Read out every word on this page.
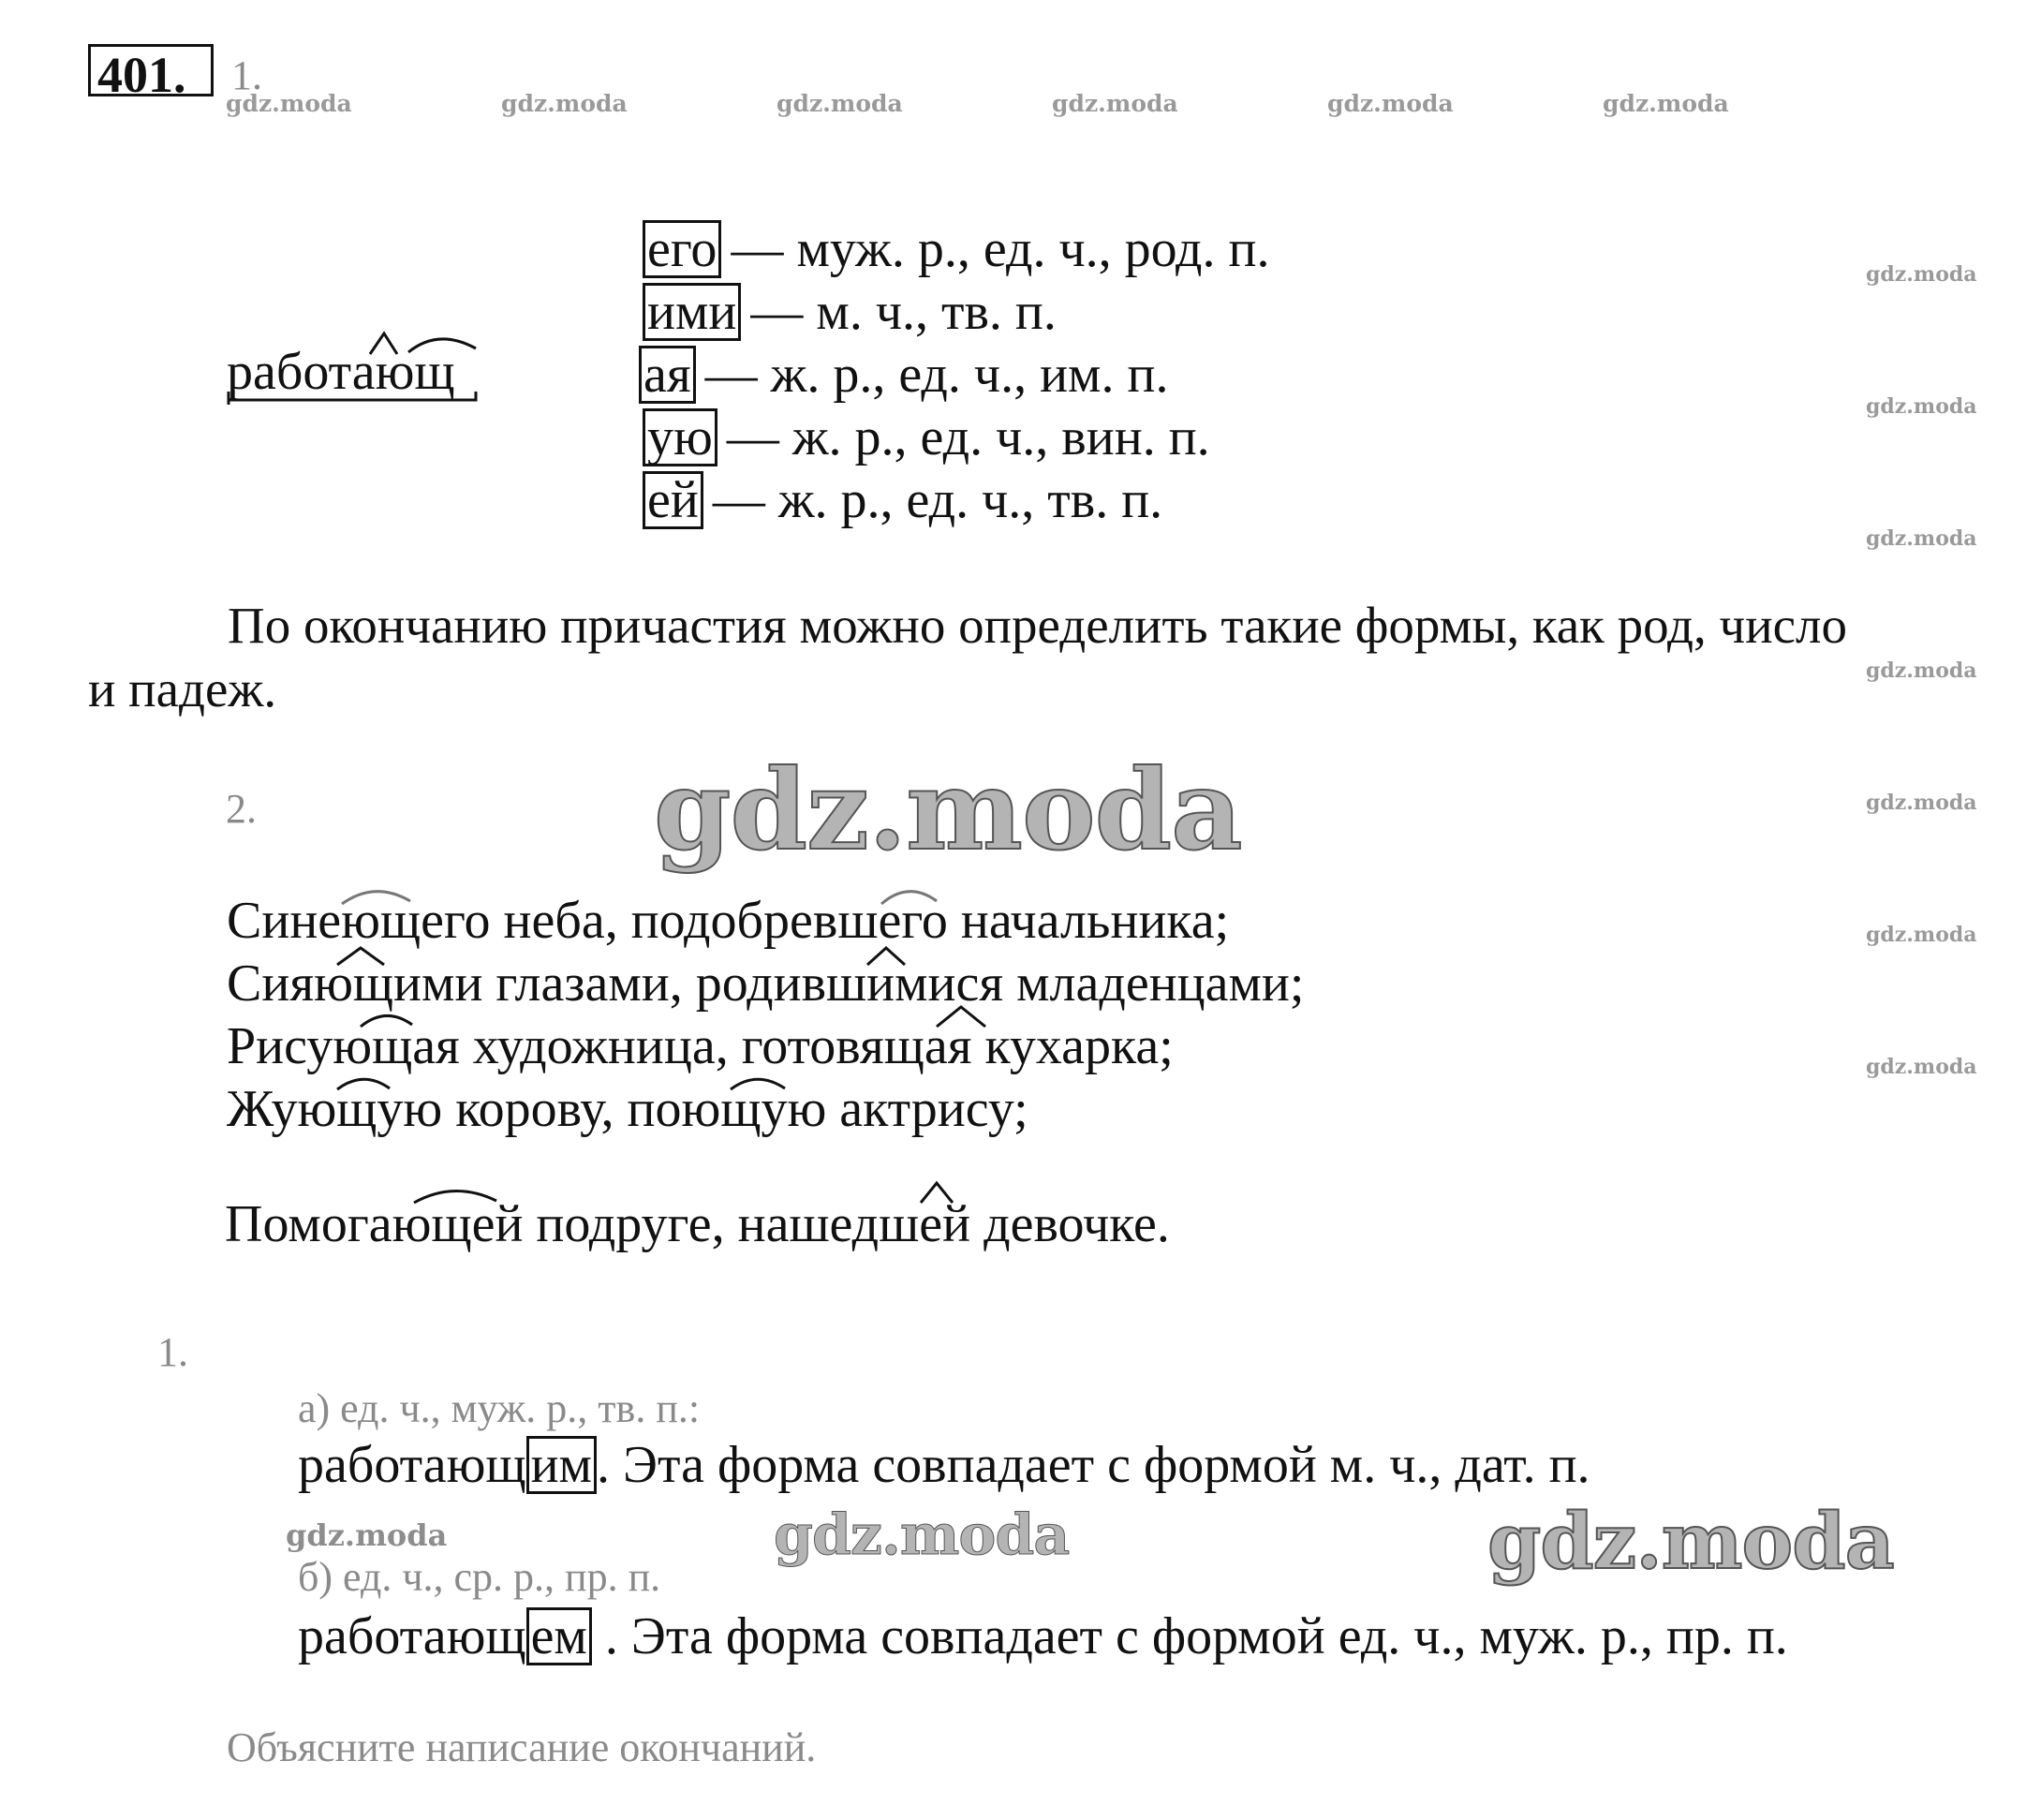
401. 1.
gdz.moda	gdz.moda	gdz.moda	gdz.moda	gdz.moda	gdz.moda
gdz.moda
gdz.moda
gdz.moda
gdz.moda
gdz.moda
gdz.moda
gdz.moda
работающ
его — муж. р., ед. ч., род. п.
ими — м. ч., тв. п.
ая — ж. р., ед. ч., им. п.
ую — ж. р., ед. ч., вин. п.
ей — ж. р., ед. ч., тв. п.
По окончанию причастия можно определить такие формы, как род, число
и падеж.
2.	gdz.moda
Синеющего неба, подобревшего начальника;
Сияющими глазами, родившимися младенцами;
Рисующая художница, готовящая кухарка;
Жующую корову, поющую актрису;
Помогающей подруге, нашедшей девочке.
1.
а) ед. ч., муж. р., тв. п.:
работающим. Эта форма совпадает с формой м. ч., дат. п.
gdz.moda	gdz.moda	gdz.moda
б) ед. ч., ср. р., пр. п.
работающем . Эта форма совпадает с формой ед. ч., муж. р., пр. п.
Объясните написание окончаний.
